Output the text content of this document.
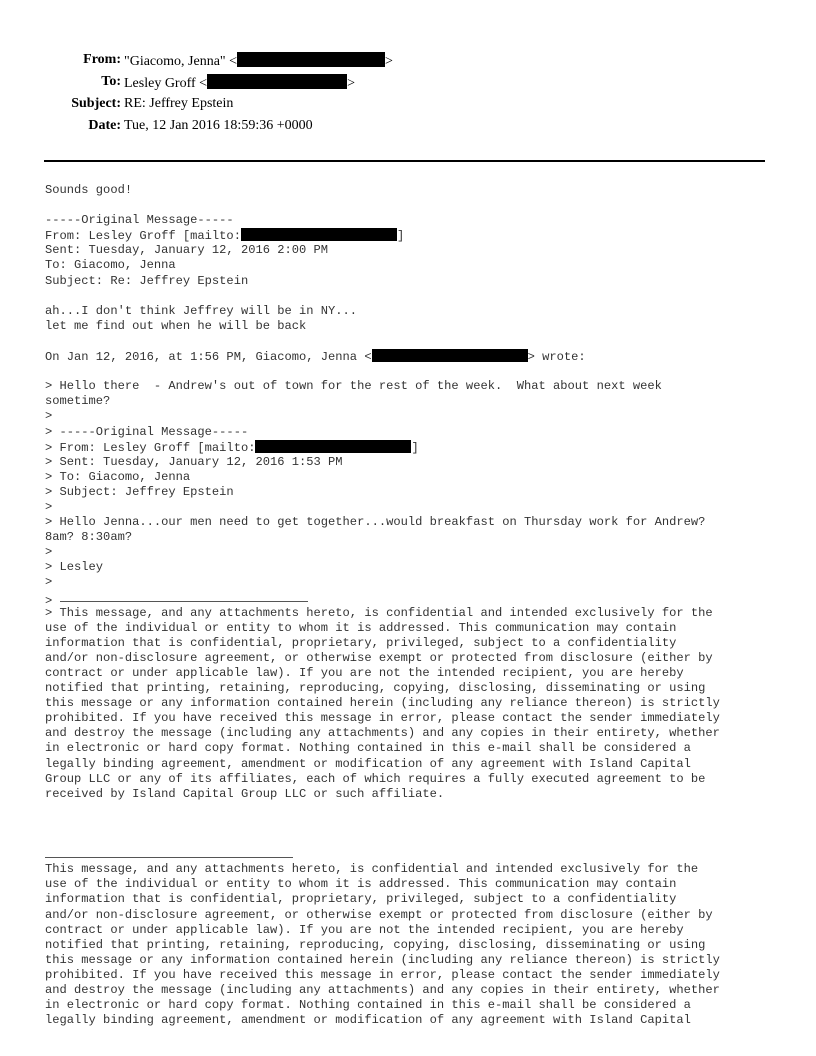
From: "Giacomo, Jenna" <	>
To: Lesley Groff <	>
Subject: RE: Jeffrey Epstein
Date: Tue, 12 Jan 2016 18:59:36 +0000
Sounds good!
-----Original Message-----
From: Lesley Groff [mailto:	]
Sent: Tuesday, January 12, 2016 2:00 PM
To: Giacomo, Jenna
Subject: Re: Jeffrey Epstein
ah...I don't think Jeffrey will be in NY...
let me find out when he will be back
On Jan 12, 2016, at 1:56 PM, Giacomo, Jenna <	> wrote:
> Hello there  - Andrew's out of town for the rest of the week.  What about next week
sometime?
>
> -----Original Message-----
> From: Lesley Groff [mailto:	]
> Sent: Tuesday, January 12, 2016 1:53 PM
> To: Giacomo, Jenna
> Subject: Jeffrey Epstein
>
> Hello Jenna...our men need to get together...would breakfast on Thursday work for Andrew?
8am? 8:30am?
>
> Lesley
>
>
> This message, and any attachments hereto, is confidential and intended exclusively for the
use of the individual or entity to whom it is addressed. This communication may contain
information that is confidential, proprietary, privileged, subject to a confidentiality
and/or non-disclosure agreement, or otherwise exempt or protected from disclosure (either by
contract or under applicable law). If you are not the intended recipient, you are hereby
notified that printing, retaining, reproducing, copying, disclosing, disseminating or using
this message or any information contained herein (including any reliance thereon) is strictly
prohibited. If you have received this message in error, please contact the sender immediately
and destroy the message (including any attachments) and any copies in their entirety, whether
in electronic or hard copy format. Nothing contained in this e-mail shall be considered a
legally binding agreement, amendment or modification of any agreement with Island Capital
Group LLC or any of its affiliates, each of which requires a fully executed agreement to be
received by Island Capital Group LLC or such affiliate.
This message, and any attachments hereto, is confidential and intended exclusively for the
use of the individual or entity to whom it is addressed. This communication may contain
information that is confidential, proprietary, privileged, subject to a confidentiality
and/or non-disclosure agreement, or otherwise exempt or protected from disclosure (either by
contract or under applicable law). If you are not the intended recipient, you are hereby
notified that printing, retaining, reproducing, copying, disclosing, disseminating or using
this message or any information contained herein (including any reliance thereon) is strictly
prohibited. If you have received this message in error, please contact the sender immediately
and destroy the message (including any attachments) and any copies in their entirety, whether
in electronic or hard copy format. Nothing contained in this e-mail shall be considered a
legally binding agreement, amendment or modification of any agreement with Island Capital
